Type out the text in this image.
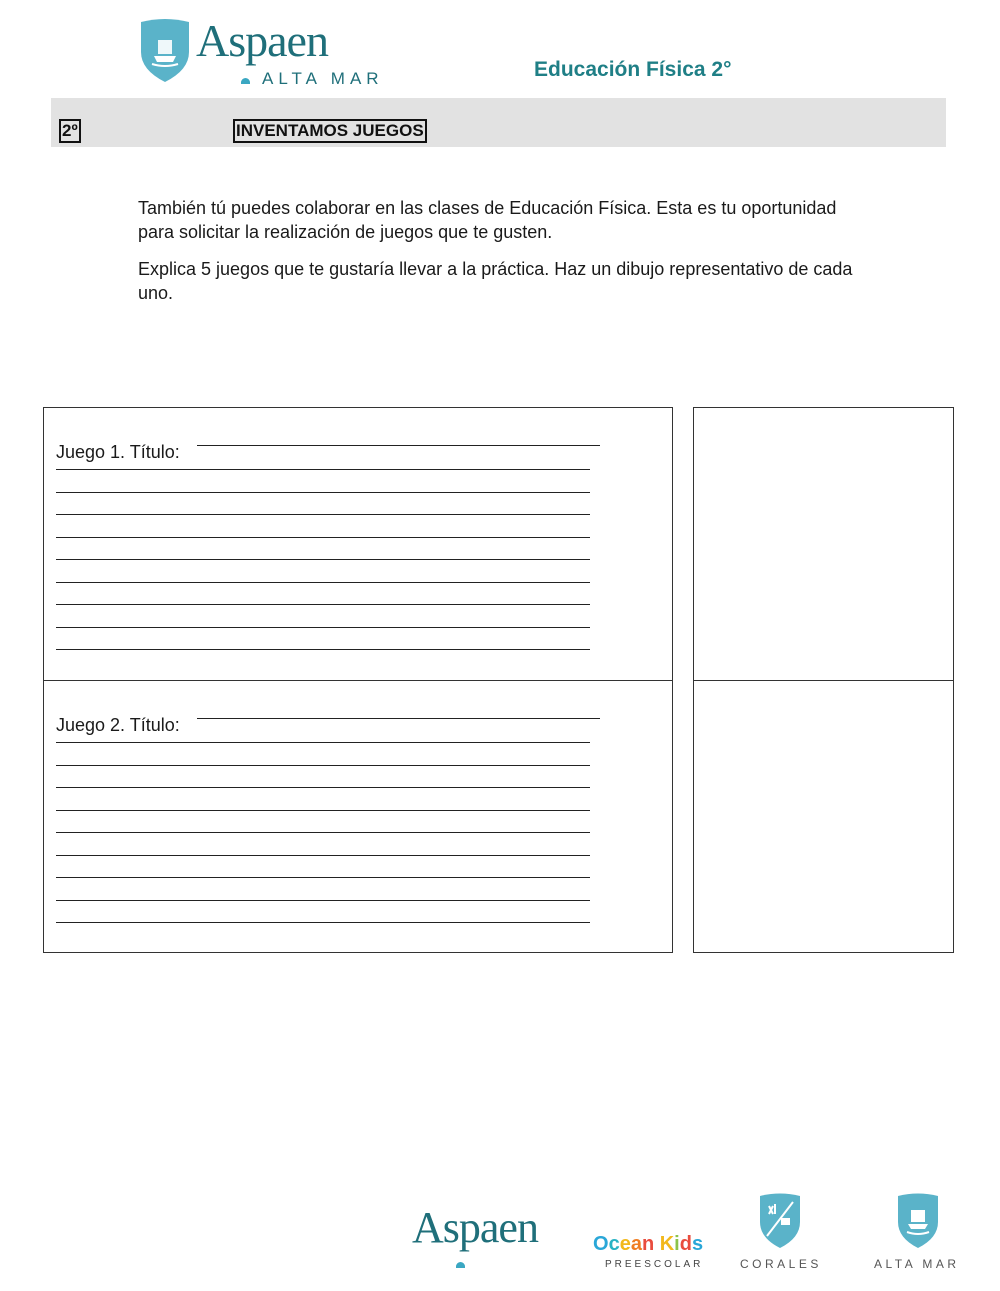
Aspaen
ALTA MAR	Educación Física 2°
2º	INVENTAMOS JUEGOS
También tú puedes colaborar en las clases de Educación Física. Esta es tu oportunidad para solicitar la realización de juegos que te gusten.
Explica 5 juegos que te gustaría llevar a la práctica. Haz un dibujo representativo de cada uno.
Juego 1. Título:
Juego 2. Título:
Aspaen	Ocean Kids
PREESCOLAR	CORALES	ALTA MAR
